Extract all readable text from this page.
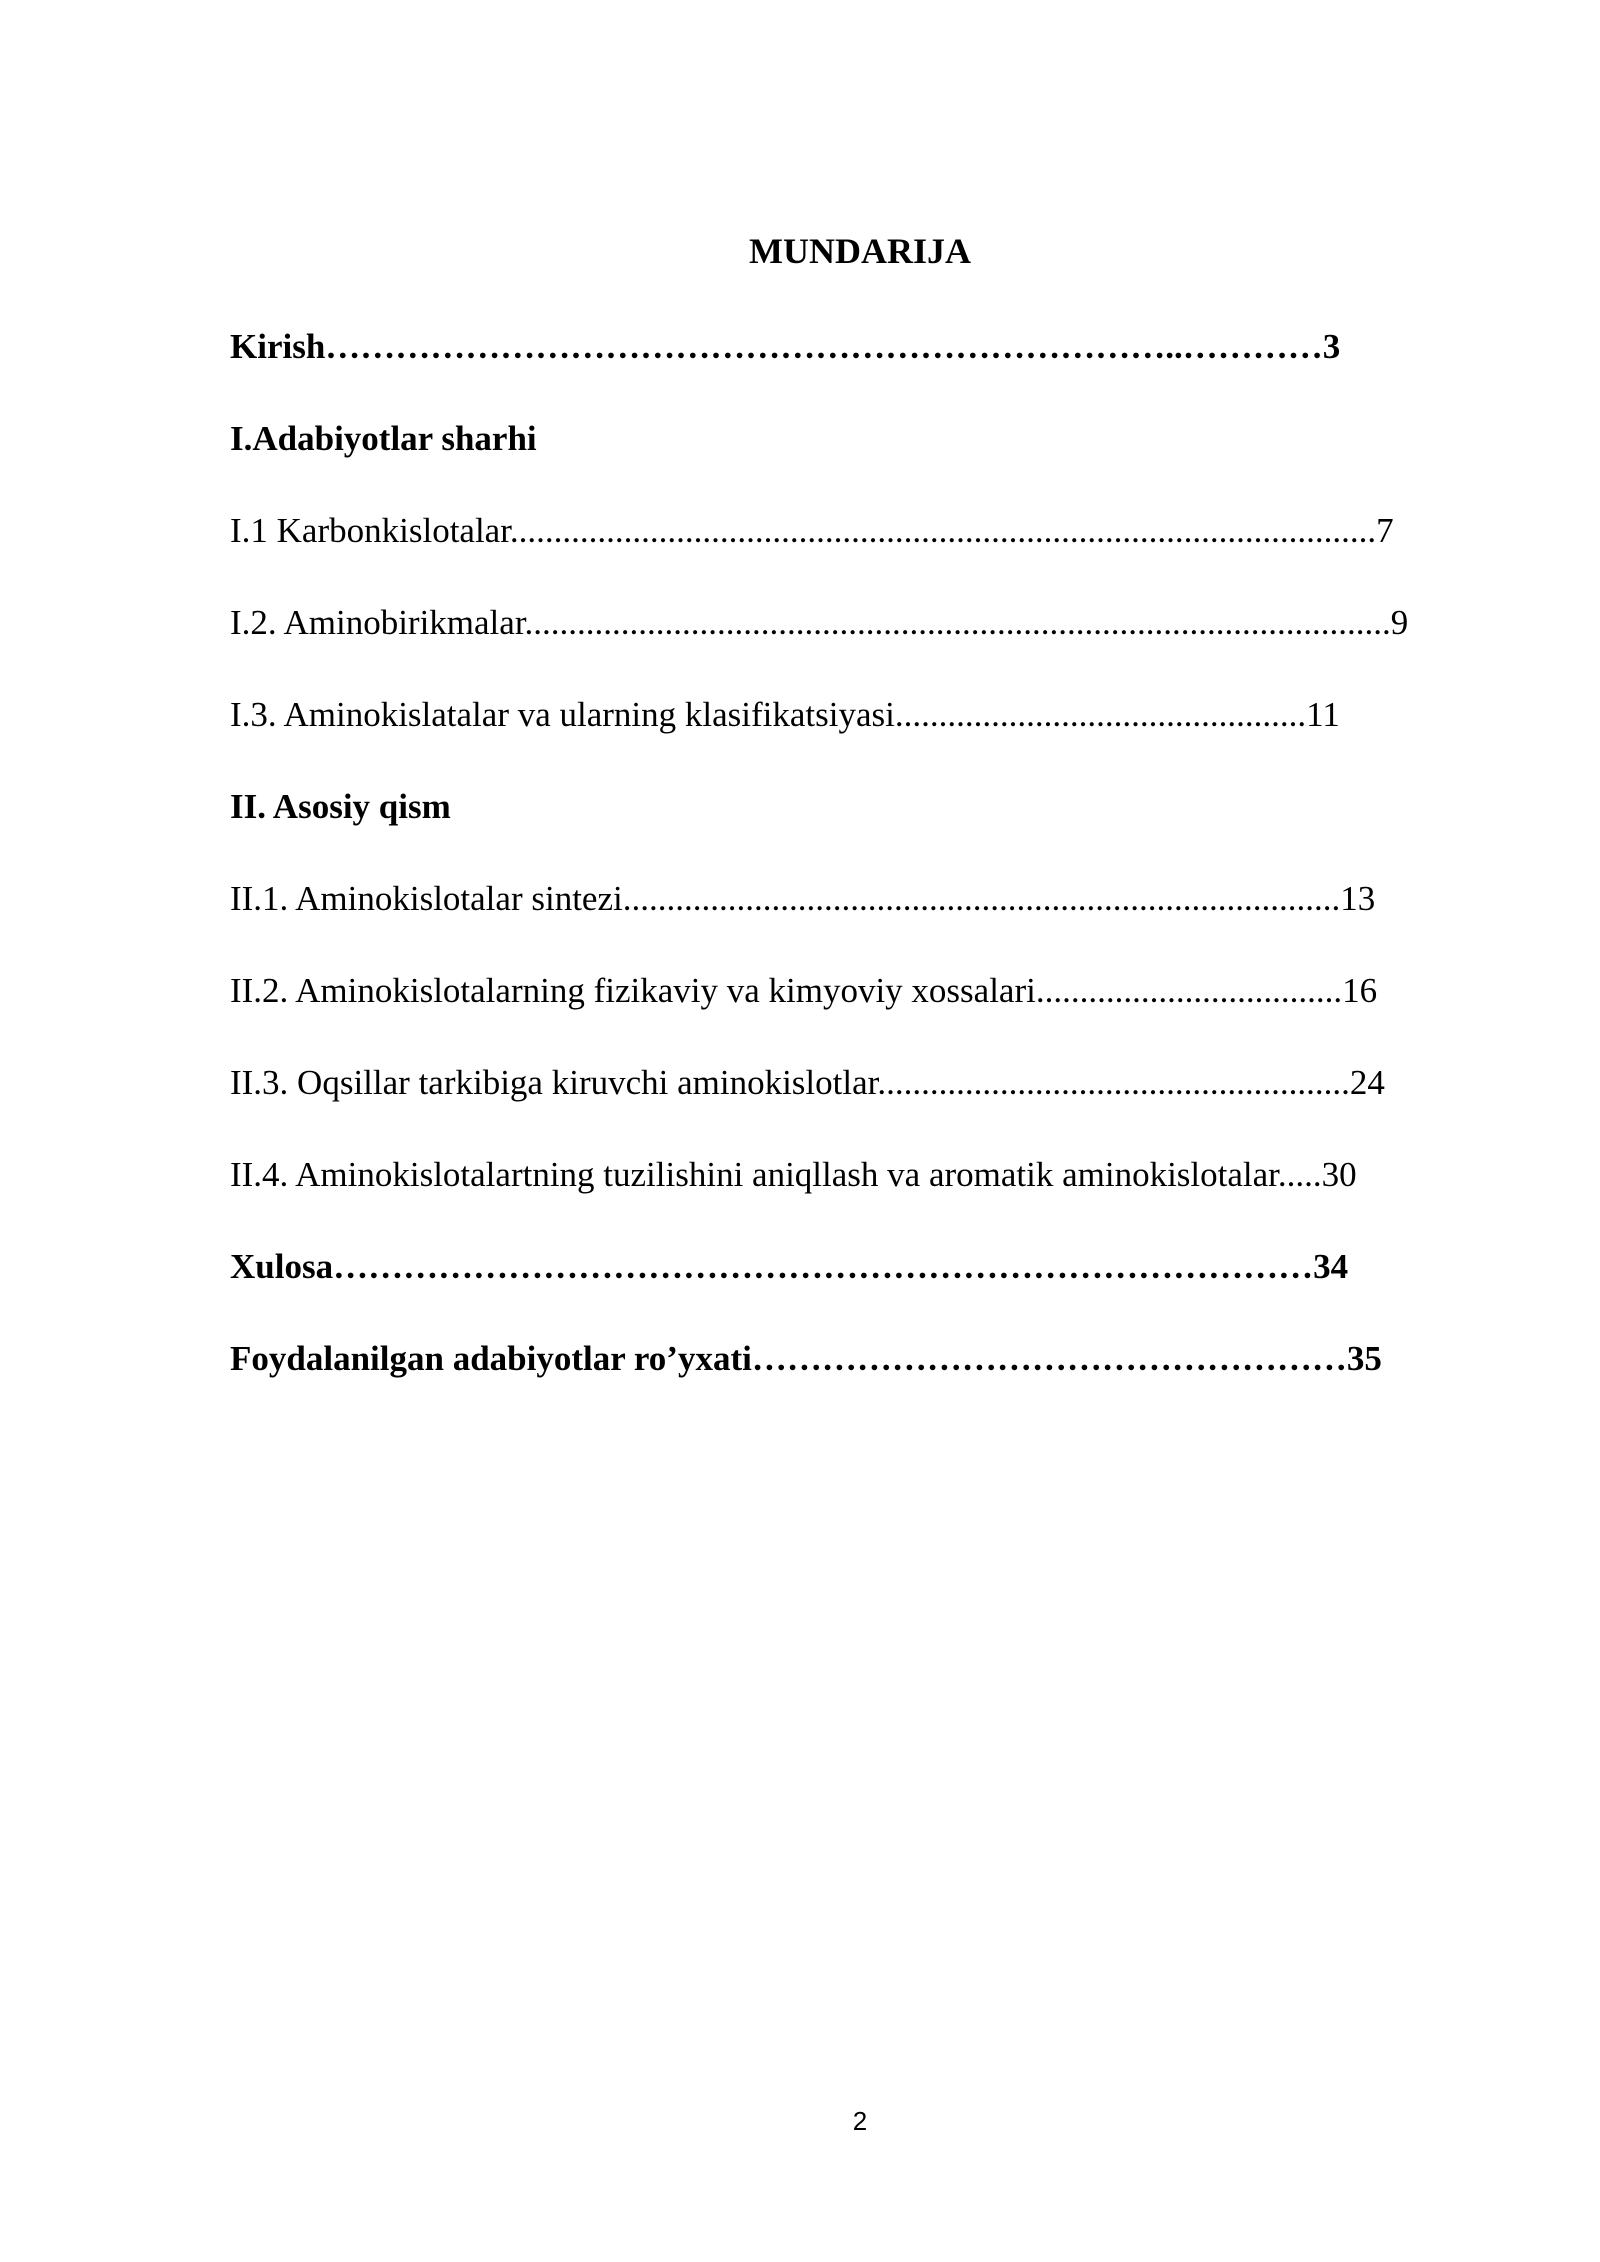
MUNDARIJA
Kirish………………………………………………………………..…………3
I.Adabiyotlar sharhi
I.1 Karbonkislotalar...................................................................................................7
I.2. Aminobirikmalar...................................................................................................9
I.3. Aminokislatalar va ularning klasifikatsiyasi...............................................11
II. Asosiy qism
II.1. Aminokislotalar sintezi..................................................................................13
II.2. Aminokislotalarning fizikaviy va kimyoviy xossalari...................................16
II.3. Oqsillar tarkibiga kiruvchi aminokislotlar......................................................24
II.4. Aminokislotalartning tuzilishini aniqllash va aromatik aminokislotalar.....30
Xulosa…………………………………………………………………………34
Foydalanilgan adabiyotlar ro’yxati……………………………………………35
2
